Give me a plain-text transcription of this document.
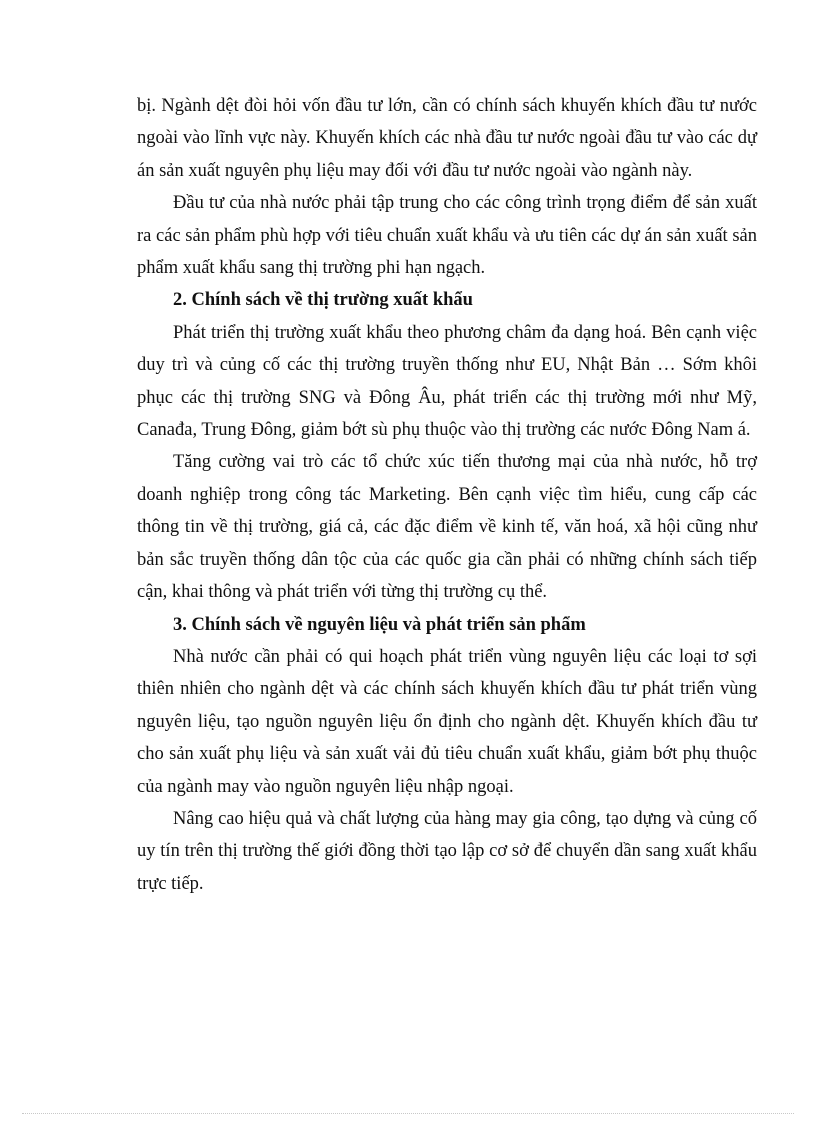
bị. Ngành dệt đòi hỏi vốn đầu tư lớn, cần có chính sách khuyến khích đầu tư nước ngoài vào lĩnh vực này. Khuyến khích các nhà đầu tư nước ngoài đầu tư vào các dự án sản xuất nguyên phụ liệu may đối với đầu tư nước ngoài vào ngành này.

Đầu tư của nhà nước phải tập trung cho các công trình trọng điểm để sản xuất ra các sản phẩm phù hợp với tiêu chuẩn xuất khẩu và ưu tiên các dự án sản xuất sản phẩm xuất khẩu sang thị trường phi hạn ngạch.

2. Chính sách về thị trường xuất khẩu

Phát triển thị trường xuất khẩu theo phương châm đa dạng hoá. Bên cạnh việc duy trì và củng cố các thị trường truyền thống như EU, Nhật Bản … Sớm khôi phục các thị trường SNG và Đông Âu, phát triển các thị trường mới như Mỹ, Canađa, Trung Đông, giảm bớt sù phụ thuộc vào thị trường các nước Đông Nam á.

Tăng cường vai trò các tổ chức xúc tiến thương mại của nhà nước, hỗ trợ doanh nghiệp trong công tác Marketing. Bên cạnh việc tìm hiểu, cung cấp các thông tin về thị trường, giá cả, các đặc điểm về kinh tế, văn hoá, xã hội cũng như bản sắc truyền thống dân tộc của các quốc gia cần phải có những chính sách tiếp cận, khai thông và phát triển với từng thị trường cụ thể.

3. Chính sách về nguyên liệu và phát triển sản phẩm

Nhà nước cần phải có qui hoạch phát triển vùng nguyên liệu các loại tơ sợi thiên nhiên cho ngành dệt và các chính sách khuyến khích đầu tư phát triển vùng nguyên liệu, tạo nguồn nguyên liệu ổn định cho ngành dệt. Khuyến khích đầu tư cho sản xuất phụ liệu và sản xuất vải đủ tiêu chuẩn xuất khẩu, giảm bớt phụ thuộc của ngành may vào nguồn nguyên liệu nhập ngoại.

Nâng cao hiệu quả và chất lượng của hàng may gia công, tạo dựng và củng cố uy tín trên thị trường thế giới đồng thời tạo lập cơ sở để chuyển dần sang xuất khẩu trực tiếp.
